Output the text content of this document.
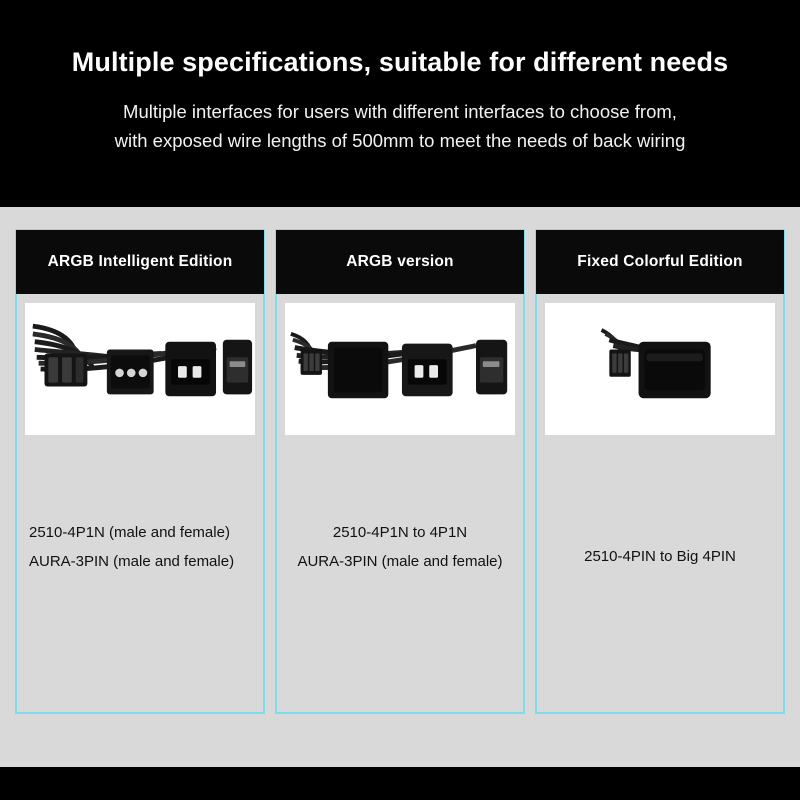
Multiple specifications, suitable for different needs
Multiple interfaces for users with different interfaces to choose from,
with exposed wire lengths of 500mm to meet the needs of back wiring
ARGB Intelligent Edition
2510-4P1N (male and female)
AURA-3PIN (male and female)
ARGB version
2510-4P1N to 4P1N
AURA-3PIN (male and female)
Fixed Colorful Edition
2510-4PIN to Big 4PIN
